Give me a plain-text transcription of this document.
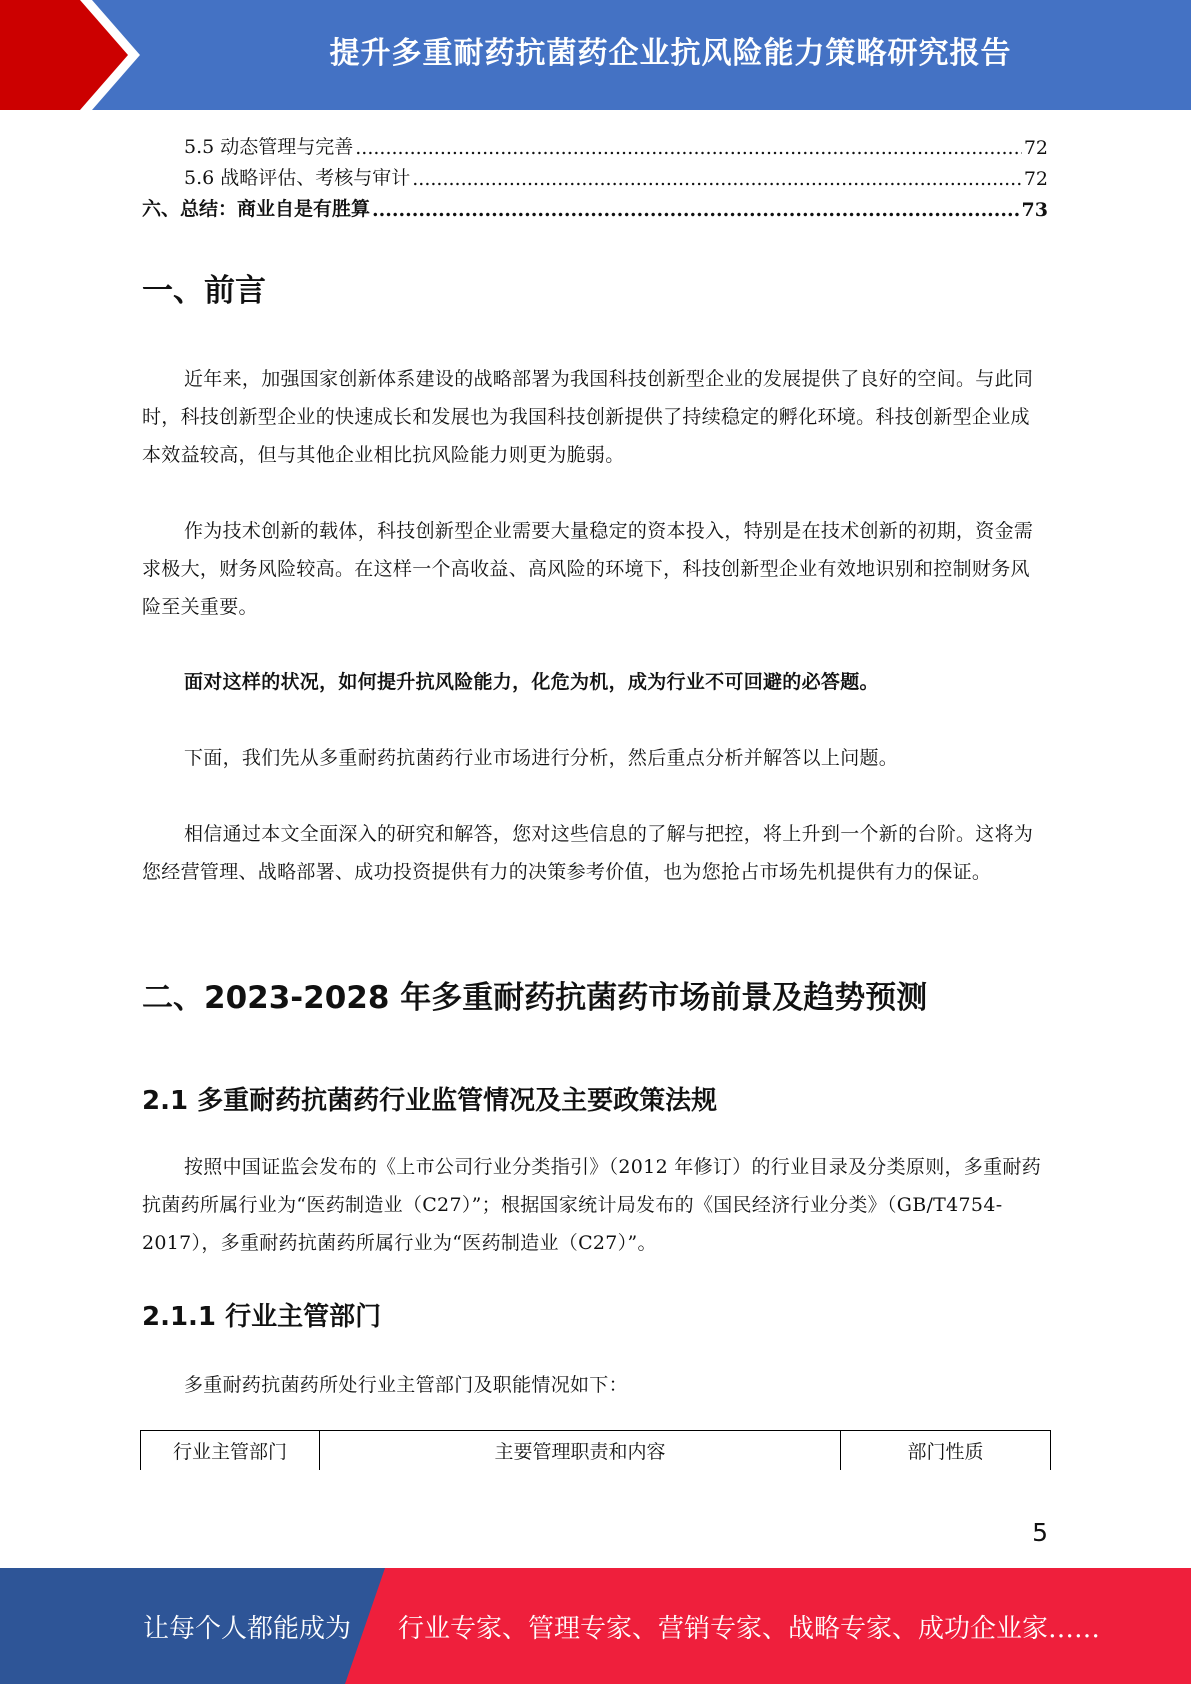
提升多重耐药抗菌药企业抗风险能力策略研究报告
5.5 动态管理与完善 .....	72
5.6 战略评估、考核与审计 .....	72
六、总结：商业自是有胜算 .....	73
一、前言

近年来，加强国家创新体系建设的战略部署为我国科技创新型企业的发展提供了良好的空间。与此同时，科技创新型企业的快速成长和发展也为我国科技创新提供了持续稳定的孵化环境。科技创新型企业成本效益较高，但与其他企业相比抗风险能力则更为脆弱。

作为技术创新的载体，科技创新型企业需要大量稳定的资本投入，特别是在技术创新的初期，资金需求极大，财务风险较高。在这样一个高收益、高风险的环境下，科技创新型企业有效地识别和控制财务风险至关重要。

面对这样的状况，如何提升抗风险能力，化危为机，成为行业不可回避的必答题。

下面，我们先从多重耐药抗菌药行业市场进行分析，然后重点分析并解答以上问题。

相信通过本文全面深入的研究和解答，您对这些信息的了解与把控，将上升到一个新的台阶。这将为您经营管理、战略部署、成功投资提供有力的决策参考价值，也为您抢占市场先机提供有力的保证。

二、2023-2028 年多重耐药抗菌药市场前景及趋势预测
2.1 多重耐药抗菌药行业监管情况及主要政策法规

按照中国证监会发布的《上市公司行业分类指引》（2012 年修订）的行业目录及分类原则，多重耐药抗菌药所属行业为“医药制造业（C27）”；根据国家统计局发布的《国民经济行业分类》（GB/T4754-2017），多重耐药抗菌药所属行业为“医药制造业（C27）”。

2.1.1 行业主管部门

多重耐药抗菌药所处行业主管部门及职能情况如下：

行业主管部门	主要管理职责和内容	部门性质
5
让每个人都能成为 行业专家、管理专家、营销专家、战略专家、成功企业家……
